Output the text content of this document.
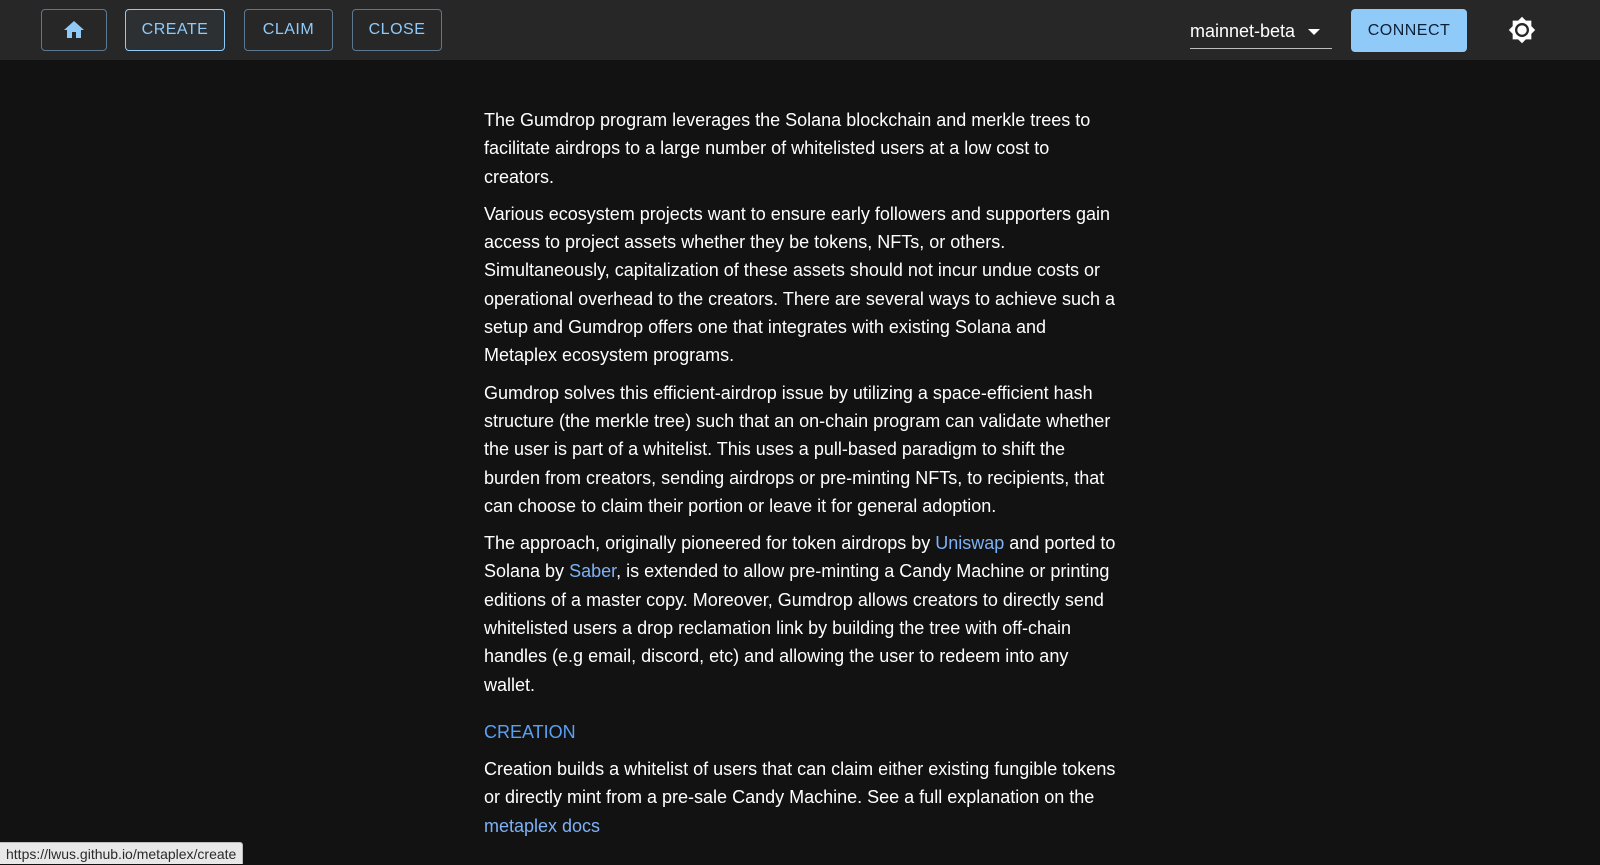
CREATE	CLAIM	CLOSE	mainnet-beta	CONNECT

The Gumdrop program leverages the Solana blockchain and merkle trees to facilitate airdrops to a large number of whitelisted users at a low cost to creators.

Various ecosystem projects want to ensure early followers and supporters gain access to project assets whether they be tokens, NFTs, or others. Simultaneously, capitalization of these assets should not incur undue costs or operational overhead to the creators. There are several ways to achieve such a setup and Gumdrop offers one that integrates with existing Solana and Metaplex ecosystem programs.

Gumdrop solves this efficient-airdrop issue by utilizing a space-efficient hash structure (the merkle tree) such that an on-chain program can validate whether the user is part of a whitelist. This uses a pull-based paradigm to shift the burden from creators, sending airdrops or pre-minting NFTs, to recipients, that can choose to claim their portion or leave it for general adoption.

The approach, originally pioneered for token airdrops by Uniswap and ported to Solana by Saber, is extended to allow pre-minting a Candy Machine or printing editions of a master copy. Moreover, Gumdrop allows creators to directly send whitelisted users a drop reclamation link by building the tree with off-chain handles (e.g email, discord, etc) and allowing the user to redeem into any wallet.

CREATION

Creation builds a whitelist of users that can claim either existing fungible tokens or directly mint from a pre-sale Candy Machine. See a full explanation on the metaplex docs

https://lwus.github.io/metaplex/create
